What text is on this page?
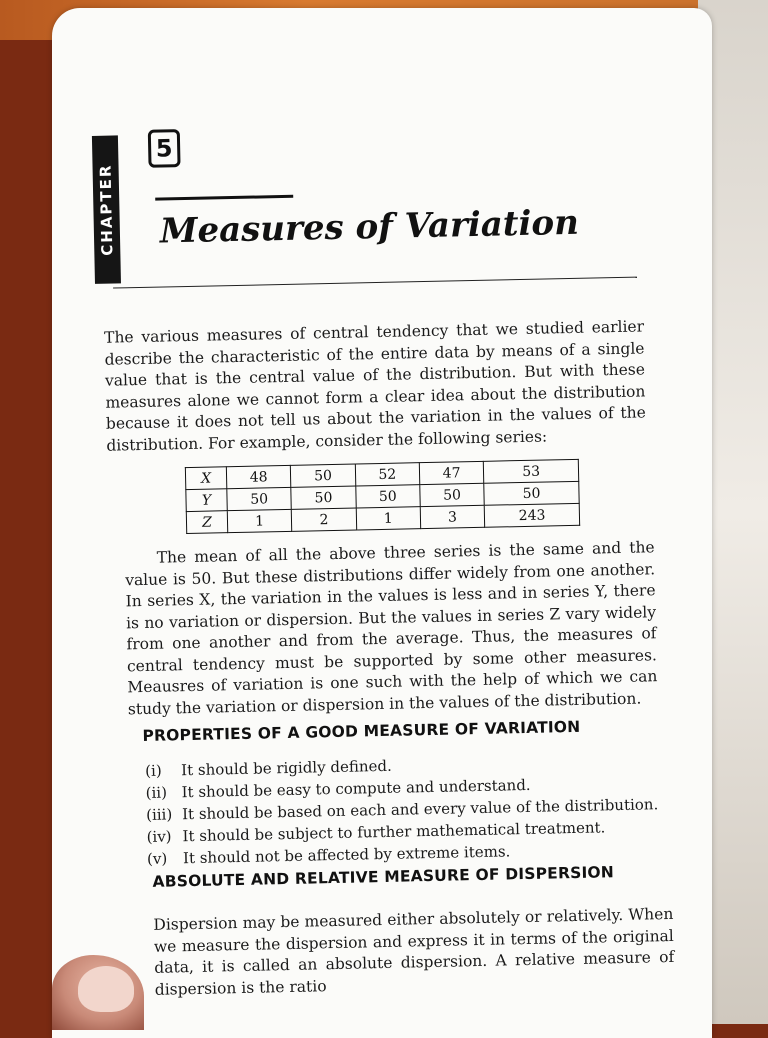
CHAPTER
5
Measures of Variation

The various measures of central tendency that we studied earlier describe the characteristic of the entire data by means of a single value that is the central value of the distribution. But with these measures alone we cannot form a clear idea about the distribution because it does not tell us about the variation in the values of the distribution. For example, consider the following series:

X	48	50	52	47	53
Y	50	50	50	50	50
Z	1	2	1	3	243

The mean of all the above three series is the same and the value is 50. But these distributions differ widely from one another. In series X, the variation in the values is less and in series Y, there is no variation or dispersion. But the values in series Z vary widely from one another and from the average. Thus, the measures of central tendency must be supported by some other measures. Meausres of variation is one such with the help of which we can study the variation or dispersion in the values of the distribution.

PROPERTIES OF A GOOD MEASURE OF VARIATION
(i)	It should be rigidly defined.
(ii) It should be easy to compute and understand.
(iii) It should be based on each and every value of the distribution.
(iv) It should be subject to further mathematical treatment.
(v)	It should not be affected by extreme items.
ABSOLUTE AND RELATIVE MEASURE OF DISPERSION

Dispersion may be measured either absolutely or relatively. When we measure the dispersion and express it in terms of the original data, it is called an absolute dispersion. A relative measure of dispersion is the ratio
